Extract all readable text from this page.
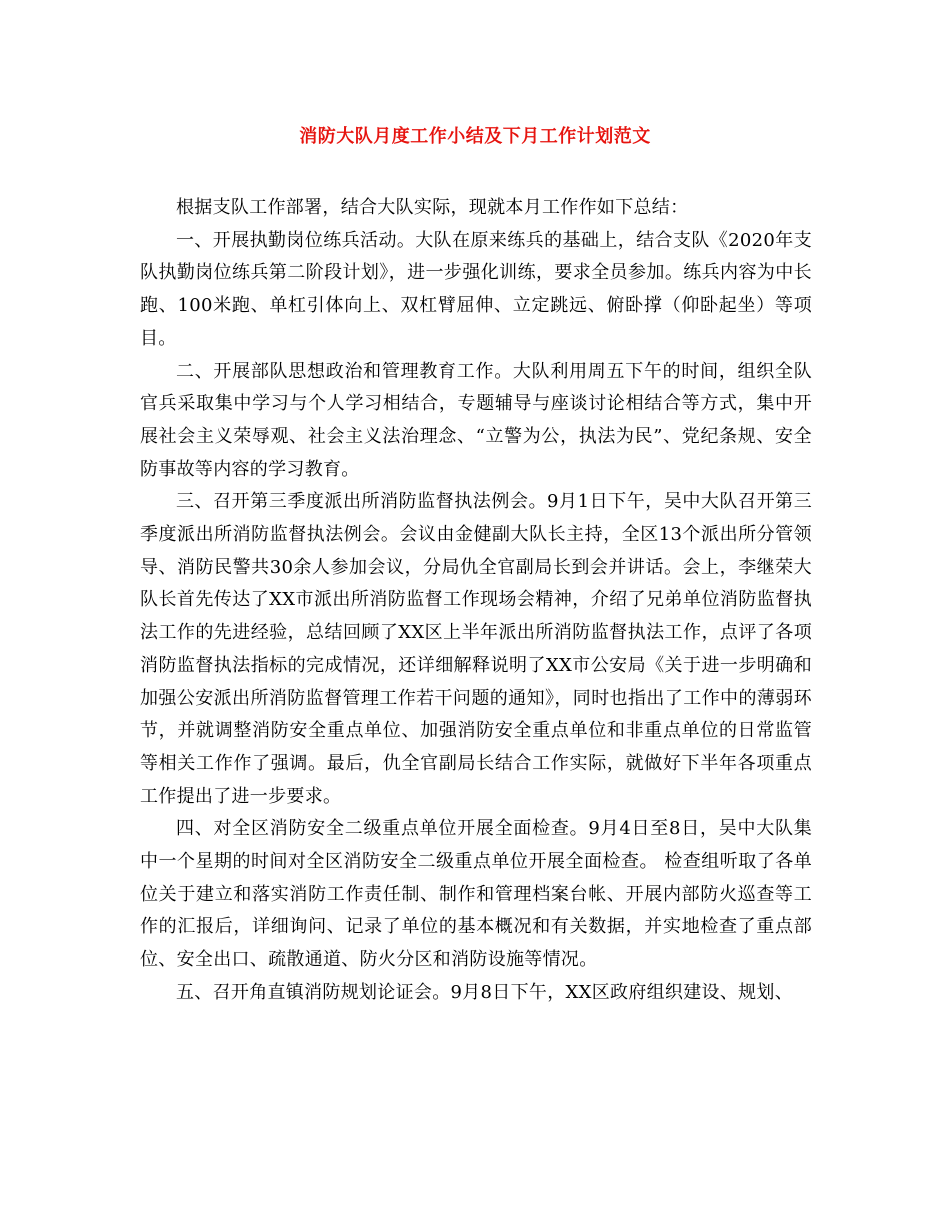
消防大队月度工作小结及下月工作计划范文

根据支队工作部署，结合大队实际，现就本月工作作如下总结：

一、开展执勤岗位练兵活动。大队在原来练兵的基础上，结合支队《2020年支队执勤岗位练兵第二阶段计划》，进一步强化训练，要求全员参加。练兵内容为中长跑、100米跑、单杠引体向上、双杠臂屈伸、立定跳远、俯卧撑（仰卧起坐）等项目。

二、开展部队思想政治和管理教育工作。大队利用周五下午的时间，组织全队官兵采取集中学习与个人学习相结合，专题辅导与座谈讨论相结合等方式，集中开展社会主义荣辱观、社会主义法治理念、“立警为公，执法为民”、党纪条规、安全防事故等内容的学习教育。

三、召开第三季度派出所消防监督执法例会。9月1日下午，吴中大队召开第三季度派出所消防监督执法例会。会议由金健副大队长主持，全区13个派出所分管领导、消防民警共30余人参加会议，分局仇全官副局长到会并讲话。会上，李继荣大队长首先传达了XX市派出所消防监督工作现场会精神，介绍了兄弟单位消防监督执法工作的先进经验，总结回顾了XX区上半年派出所消防监督执法工作，点评了各项消防监督执法指标的完成情况，还详细解释说明了XX市公安局《关于进一步明确和加强公安派出所消防监督管理工作若干问题的通知》，同时也指出了工作中的薄弱环节，并就调整消防安全重点单位、加强消防安全重点单位和非重点单位的日常监管等相关工作作了强调。最后，仇全官副局长结合工作实际，就做好下半年各项重点工作提出了进一步要求。

四、对全区消防安全二级重点单位开展全面检查。9月4日至8日，吴中大队集中一个星期的时间对全区消防安全二级重点单位开展全面检查。 检查组听取了各单位关于建立和落实消防工作责任制、制作和管理档案台帐、开展内部防火巡查等工作的汇报后，详细询问、记录了单位的基本概况和有关数据，并实地检查了重点部位、安全出口、疏散通道、防火分区和消防设施等情况。

五、召开角直镇消防规划论证会。9月8日下午，XX区政府组织建设、规划、
